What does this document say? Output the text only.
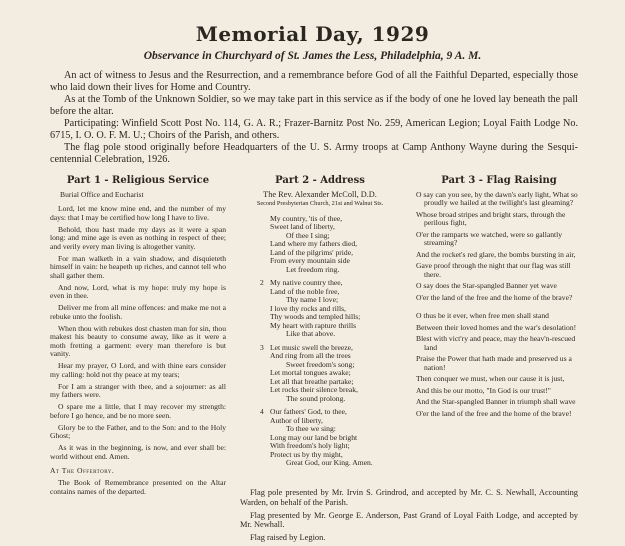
Memorial Day, 1929
Observance in Churchyard of St. James the Less, Philadelphia, 9 A. M.

An act of witness to Jesus and the Resurrection, and a remembrance before God of all the Faithful Departed, especially those who laid down their lives for Home and Country.

As at the Tomb of the Unknown Soldier, so we may take part in this service as if the body of one he loved lay beneath the pall before the altar.

Participating: Winfield Scott Post No. 114, G. A. R.; Frazer-Barnitz Post No. 259, American Legion; Loyal Faith Lodge No. 6715, I. O. O. F. M. U.; Choirs of the Parish, and others.

The flag pole stood originally before Headquarters of the U. S. Army troops at Camp Anthony Wayne during the Sesqui-centennial Celebration, 1926.

Part 1 - Religious Service

Burial Office and Eucharist

Lord, let me know mine end, and the number of my days: that I may be certified how long I have to live.

Behold, thou hast made my days as it were a span long: and mine age is even as nothing in respect of thee; and verily every man living is altogether vanity.

For man walketh in a vain shadow, and disquieteth himself in vain: he heapeth up riches, and cannot tell who shall gather them.

And now, Lord, what is my hope: truly my hope is even in thee.

Deliver me from all mine offences: and make me not a rebuke unto the foolish.

When thou with rebukes dost chasten man for sin, thou makest his beauty to consume away, like as it were a moth fretting a garment: every man therefore is but vanity.

Hear my prayer, O Lord, and with thine ears consider my calling: hold not thy peace at my tears;

For I am a stranger with thee, and a sojourner: as all my fathers were.

O spare me a little, that I may recover my strength: before I go hence, and be no more seen.

Glory be to the Father, and to the Son: and to the Holy Ghost;

As it was in the beginning, is now, and ever shall be: world without end. Amen.

At The Offertory.

The Book of Remembrance presented on the Altar contains names of the departed.

Part 2 - Address
The Rev. Alexander McColl, D.D.
Second Presbyterian Church, 21st and Walnut Sts.
My country, 'tis of thee,
Sweet land of liberty,
Of thee I sing;
Land where my fathers died,
Land of the pilgrims' pride,
From every mountain side
Let freedom ring.
2 My native country thee,
Land of the noble free,
Thy name I love;
I love thy rocks and rills,
Thy woods and templed hills;
My heart with rapture thrills
Like that above.
3 Let music swell the breeze,
And ring from all the trees
Sweet freedom's song;
Let mortal tongues awake;
Let all that breathe partake;
Let rocks their silence break,
The sound prolong.
4 Our fathers' God, to thee,
Author of liberty,
To thee we sing:
Long may our land be bright
With freedom's holy light;
Protect us by thy might,
Great God, our King. Amen.
Part 3 - Flag Raising

O say can you see, by the dawn's early light, What so proudly we hailed at the twilight's last gleaming?

Whose broad stripes and bright stars, through the perilous fight,

O'er the ramparts we watched, were so gallantly streaming?

And the rocket's red glare, the bombs bursting in air,

Gave proof through the night that our flag was still there.

O say does the Star-spangled Banner yet wave

O'er the land of the free and the home of the brave?

O thus be it ever, when free men shall stand

Between their loved homes and the war's desolation!

Blest with vict'ry and peace, may the heav'n-rescued land

Praise the Power that hath made and preserved us a nation!

Then conquer we must, when our cause it is just,

And this be our motto, "In God is our trust!"

And the Star-spangled Banner in triumph shall wave

O'er the land of the free and the home of the brave!

Flag pole presented by Mr. Irvin S. Grindrod, and accepted by Mr. C. S. Newhall, Accounting Warden, on behalf of the Parish.

Flag presented by Mr. George E. Anderson, Past Grand of Loyal Faith Lodge, and accepted by Mr. Newhall.

Flag raised by Legion.
